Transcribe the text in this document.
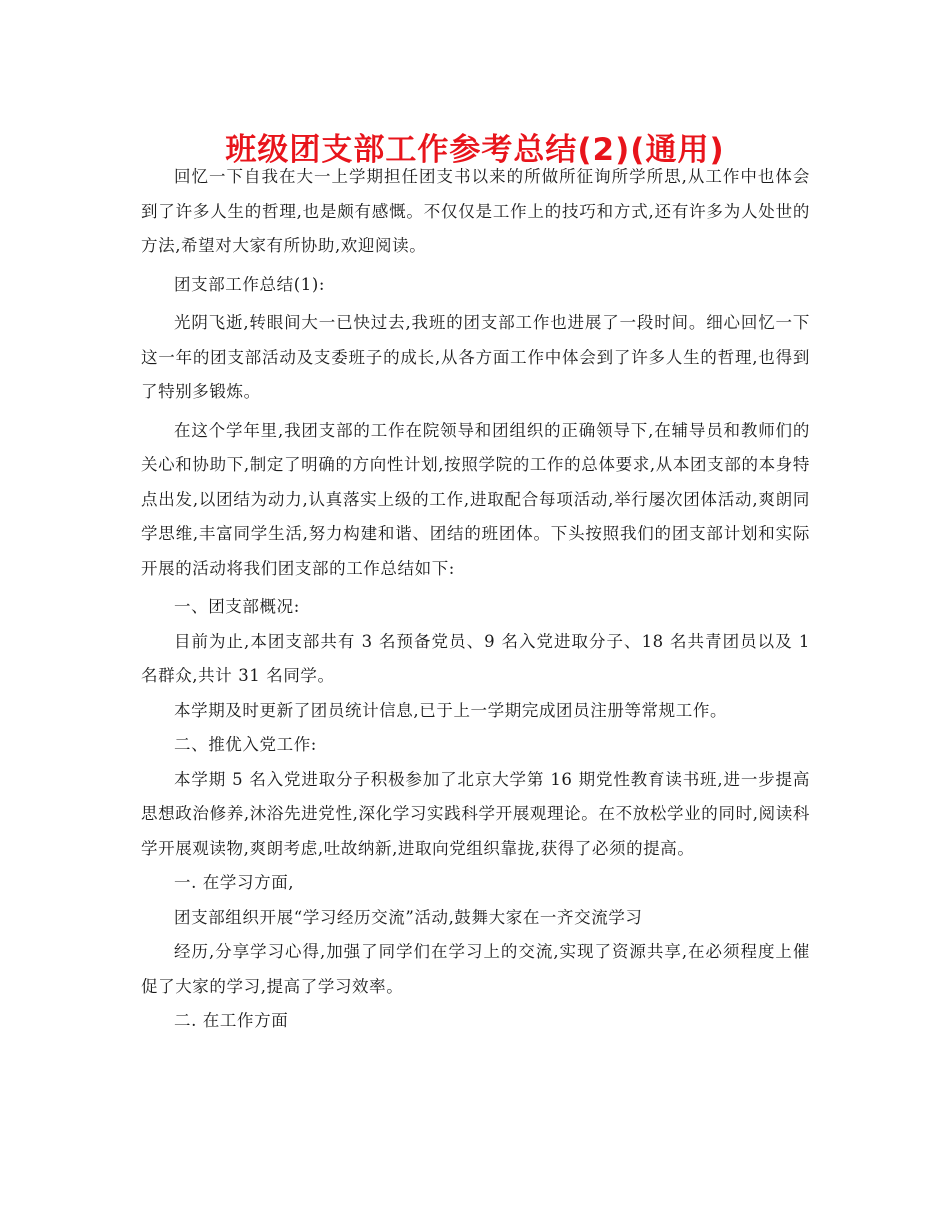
班级团支部工作参考总结(2)(通用)

回忆一下自我在大一上学期担任团支书以来的所做所征询所学所思,从工作中也体会到了许多人生的哲理,也是颇有感慨。不仅仅是工作上的技巧和方式,还有许多为人处世的方法,希望对大家有所协助,欢迎阅读。

团支部工作总结(1):

光阴飞逝,转眼间大一已快过去,我班的团支部工作也进展了一段时间。细心回忆一下这一年的团支部活动及支委班子的成长,从各方面工作中体会到了许多人生的哲理,也得到了特别多锻炼。

在这个学年里,我团支部的工作在院领导和团组织的正确领导下,在辅导员和教师们的关心和协助下,制定了明确的方向性计划,按照学院的工作的总体要求,从本团支部的本身特点出发,以团结为动力,认真落实上级的工作,进取配合每项活动,举行屡次团体活动,爽朗同学思维,丰富同学生活,努力构建和谐、团结的班团体。下头按照我们的团支部计划和实际开展的活动将我们团支部的工作总结如下:

一、团支部概况:

目前为止,本团支部共有 3 名预备党员、9 名入党进取分子、18 名共青团员以及 1 名群众,共计 31 名同学。

本学期及时更新了团员统计信息,已于上一学期完成团员注册等常规工作。

二、推优入党工作:

本学期 5 名入党进取分子积极参加了北京大学第 16 期党性教育读书班,进一步提高思想政治修养,沐浴先进党性,深化学习实践科学开展观理论。在不放松学业的同时,阅读科学开展观读物,爽朗考虑,吐故纳新,进取向党组织靠拢,获得了必须的提高。

一. 在学习方面,

团支部组织开展“学习经历交流”活动,鼓舞大家在一齐交流学习

经历,分享学习心得,加强了同学们在学习上的交流,实现了资源共享,在必须程度上催促了大家的学习,提高了学习效率。

二. 在工作方面
